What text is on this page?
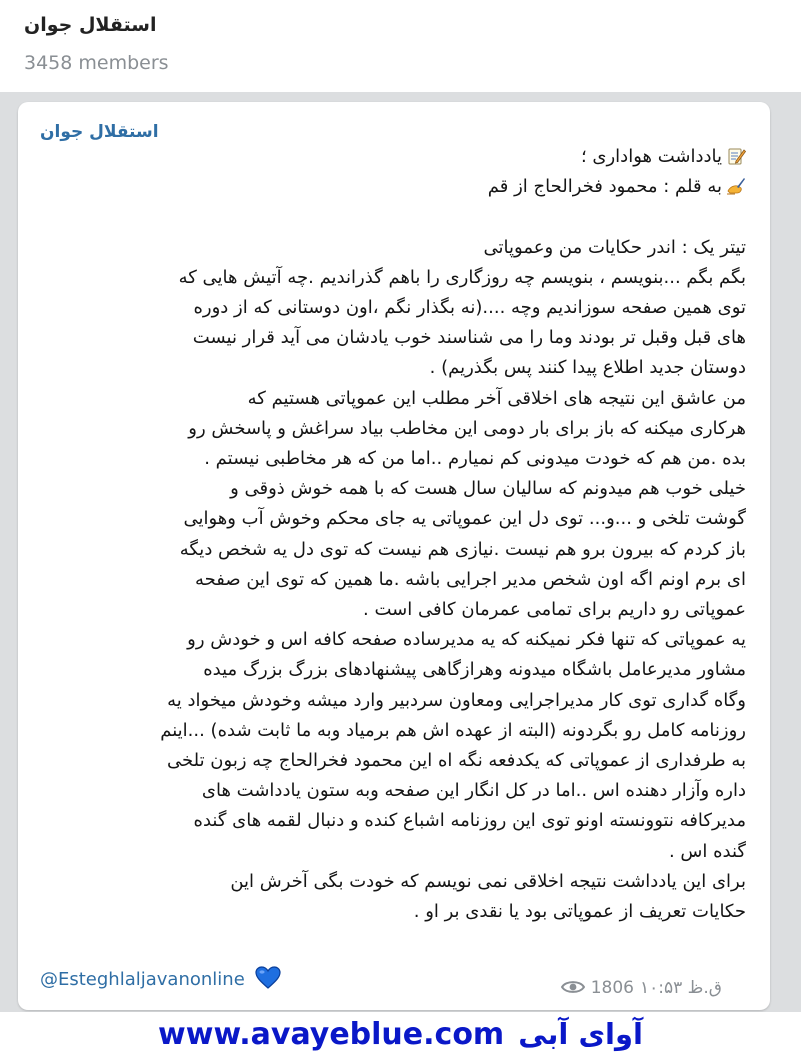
استقلال جوان
3458 members
استقلال جوان
یادداشت هواداری ؛
به قلم : محمود فخرالحاج از قم
تیتر یک : اندر حکایات من وعموپاتی
بگم بگم ...بنویسم ، بنویسم چه روزگاری را باهم گذراندیم .چه آتیش هایی که
توی همین صفحه سوزاندیم وچه ....(نه بگذار نگم ،اون دوستانی که از دوره
های قبل وقبل تر بودند وما را می شناسند خوب یادشان می آید قرار نیست
دوستان جدید اطلاع پیدا کنند پس بگذریم) .
من عاشق این نتیجه های اخلاقی آخر مطلب این عموپاتی هستیم که
هرکاری میکنه که باز برای بار دومی این مخاطب بیاد سراغش و پاسخش رو
بده .من هم که خودت میدونی کم نمیارم ..اما من که هر مخاطبی نیستم .
خیلی خوب هم میدونم که سالیان سال هست که با همه خوش ذوقی و
گوشت تلخی و ...و... توی دل این عموپاتی یه جای محکم وخوش آب وهوایی
باز کردم که بیرون برو هم نیست .نیازی هم نیست که توی دل یه شخص دیگه
ای برم اونم اگه اون شخص مدیر اجرایی باشه .ما همین که توی این صفحه
عموپاتی رو داریم برای تمامی عمرمان کافی است .
یه عموپاتی که تنها فکر نمیکنه که یه مدیرساده صفحه کافه اس و خودش رو
مشاور مدیرعامل باشگاه میدونه وهرازگاهی پیشنهادهای بزرگ بزرگ میده
وگاه گداری توی کار مدیراجرایی ومعاون سردبیر وارد میشه وخودش میخواد یه
روزنامه کامل رو بگردونه (البته از عهده اش هم برمیاد وبه ما ثابت شده) ...اینم
به طرفداری از عموپاتی که یکدفعه نگه اه این محمود فخرالحاج چه زبون تلخی
داره وآزار دهنده اس ..اما در کل انگار این صفحه وبه ستون یادداشت های
مدیرکافه نتوونسته اونو توی این روزنامه اشباع کنده و دنبال لقمه های گنده
گنده اس .
برای این یادداشت نتیجه اخلاقی نمی نویسم که خودت بگی آخرش این
حکایات تعریف از عموپاتی بود یا نقدی بر او .
@Esteghlaljavanonline	1806 ق.ظ ۱۰:۵۳
www.avayeblue.com آوای آبی
